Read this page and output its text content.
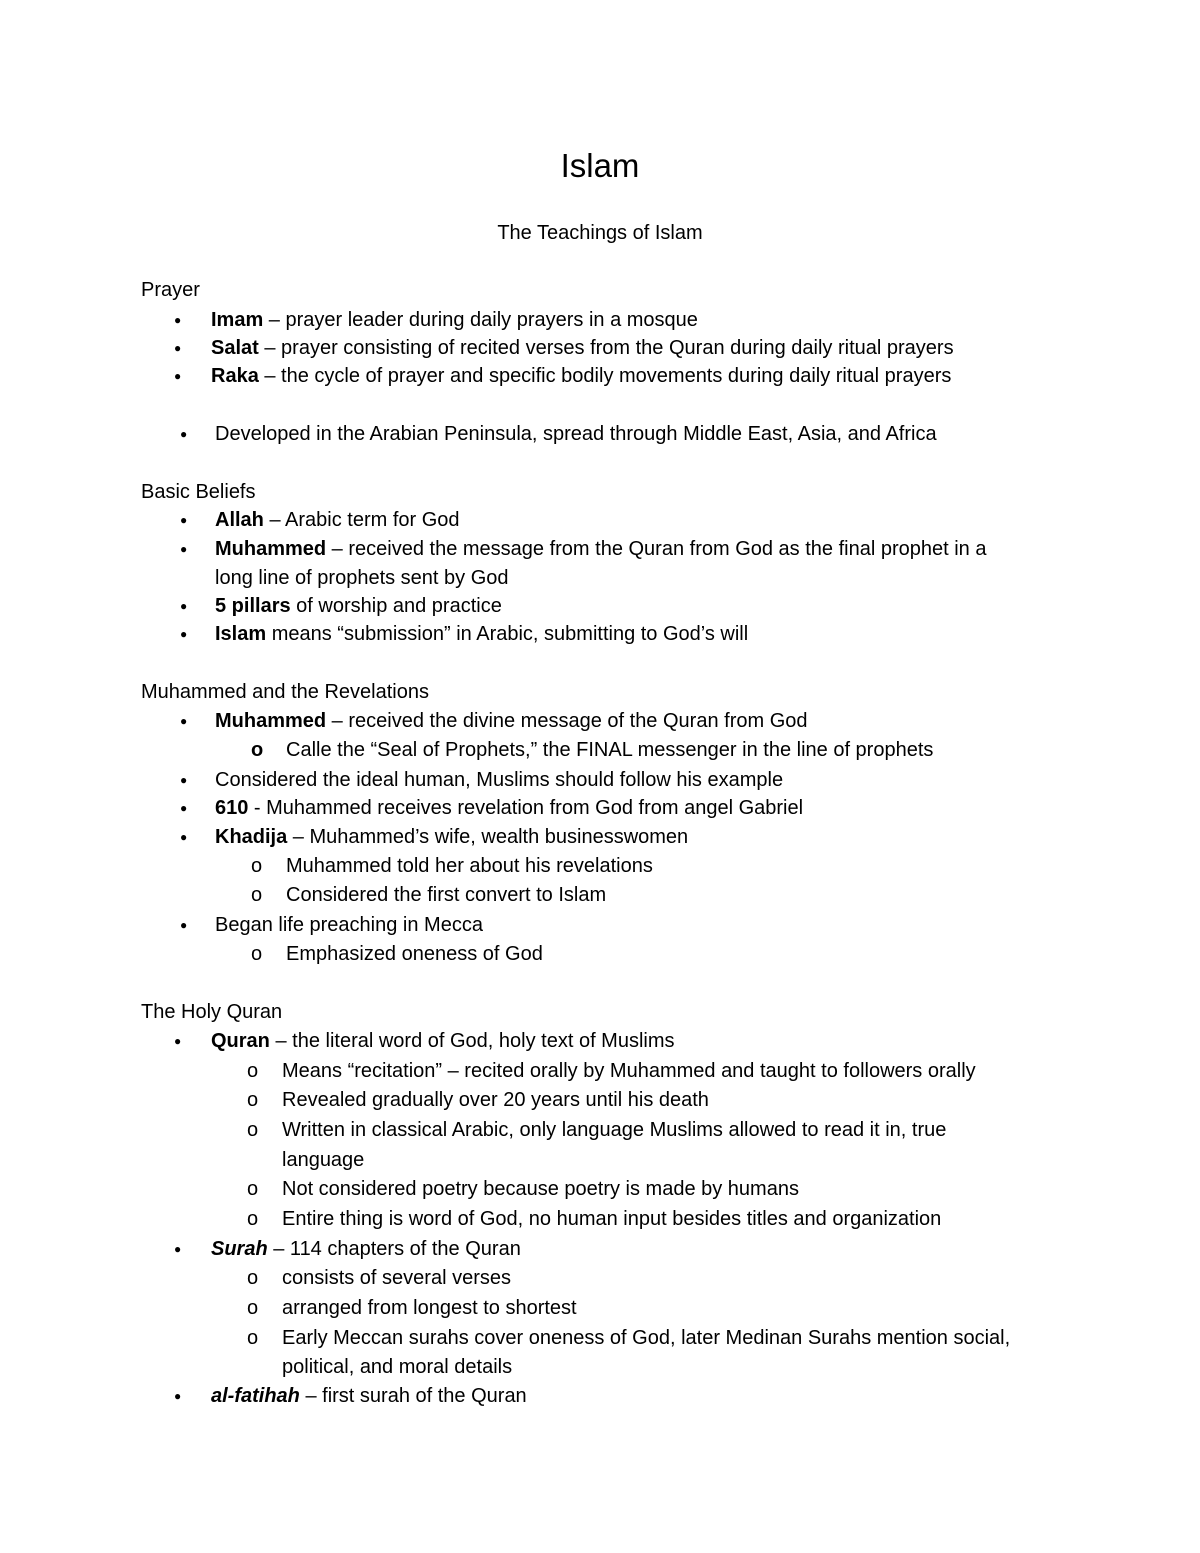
Islam
The Teachings of Islam
Prayer
● Imam – prayer leader during daily prayers in a mosque
● Salat – prayer consisting of recited verses from the Quran during daily ritual prayers
● Raka – the cycle of prayer and specific bodily movements during daily ritual prayers
● Developed in the Arabian Peninsula, spread through Middle East, Asia, and Africa
Basic Beliefs
● Allah – Arabic term for God
● Muhammed – received the message from the Quran from God as the final prophet in a
long line of prophets sent by God
● 5 pillars of worship and practice
● Islam means “submission” in Arabic, submitting to God’s will
Muhammed and the Revelations
● Muhammed – received the divine message of the Quran from God
o Calle the “Seal of Prophets,” the FINAL messenger in the line of prophets
● Considered the ideal human, Muslims should follow his example
● 610 - Muhammed receives revelation from God from angel Gabriel
● Khadija – Muhammed’s wife, wealth businesswomen
o Muhammed told her about his revelations
o Considered the first convert to Islam
● Began life preaching in Mecca
o Emphasized oneness of God
The Holy Quran
● Quran – the literal word of God, holy text of Muslims
o Means “recitation” – recited orally by Muhammed and taught to followers orally
o Revealed gradually over 20 years until his death
o Written in classical Arabic, only language Muslims allowed to read it in, true
language
o Not considered poetry because poetry is made by humans
o Entire thing is word of God, no human input besides titles and organization
● Surah – 114 chapters of the Quran
o consists of several verses
o arranged from longest to shortest
o Early Meccan surahs cover oneness of God, later Medinan Surahs mention social,
political, and moral details
● al-fatihah – first surah of the Quran
